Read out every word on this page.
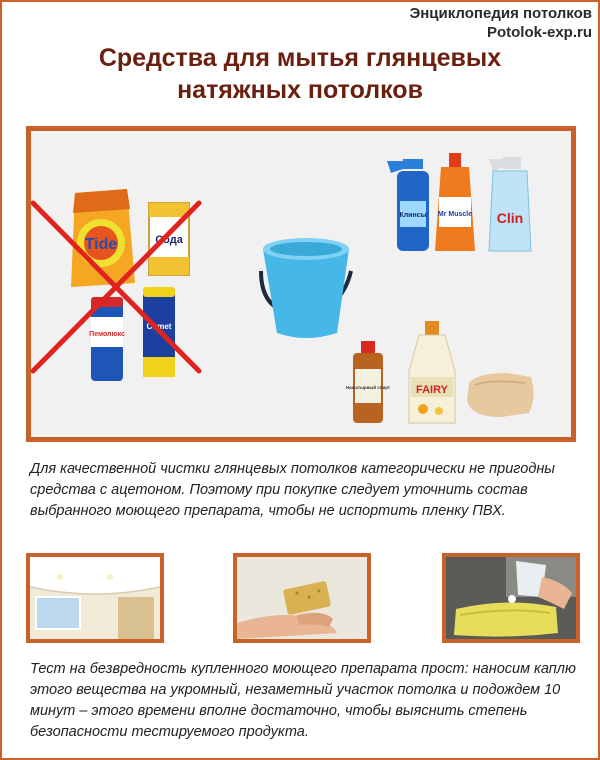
Энциклопедия потолков
Potolok-exp.ru
Средства для мытья глянцевых
натяжных потолков
Tide	Сода
Пемолюкс
Comet
Клинсы Mr Muscle Clin
Нашатырный спирт FAIRY
Для качественной чистки глянцевых потолков категорически не пригодны средства с ацетоном. Поэтому при покупке следует уточнить состав выбранного моющего препарата, чтобы не испортить пленку ПВХ.
Тест на безвредность купленного моющего препарата прост: наносим каплю этого вещества на укромный, незаметный участок потолка и подождем 10 минут – этого времени вполне достаточно, чтобы выяснить степень безопасности тестируемого продукта.
